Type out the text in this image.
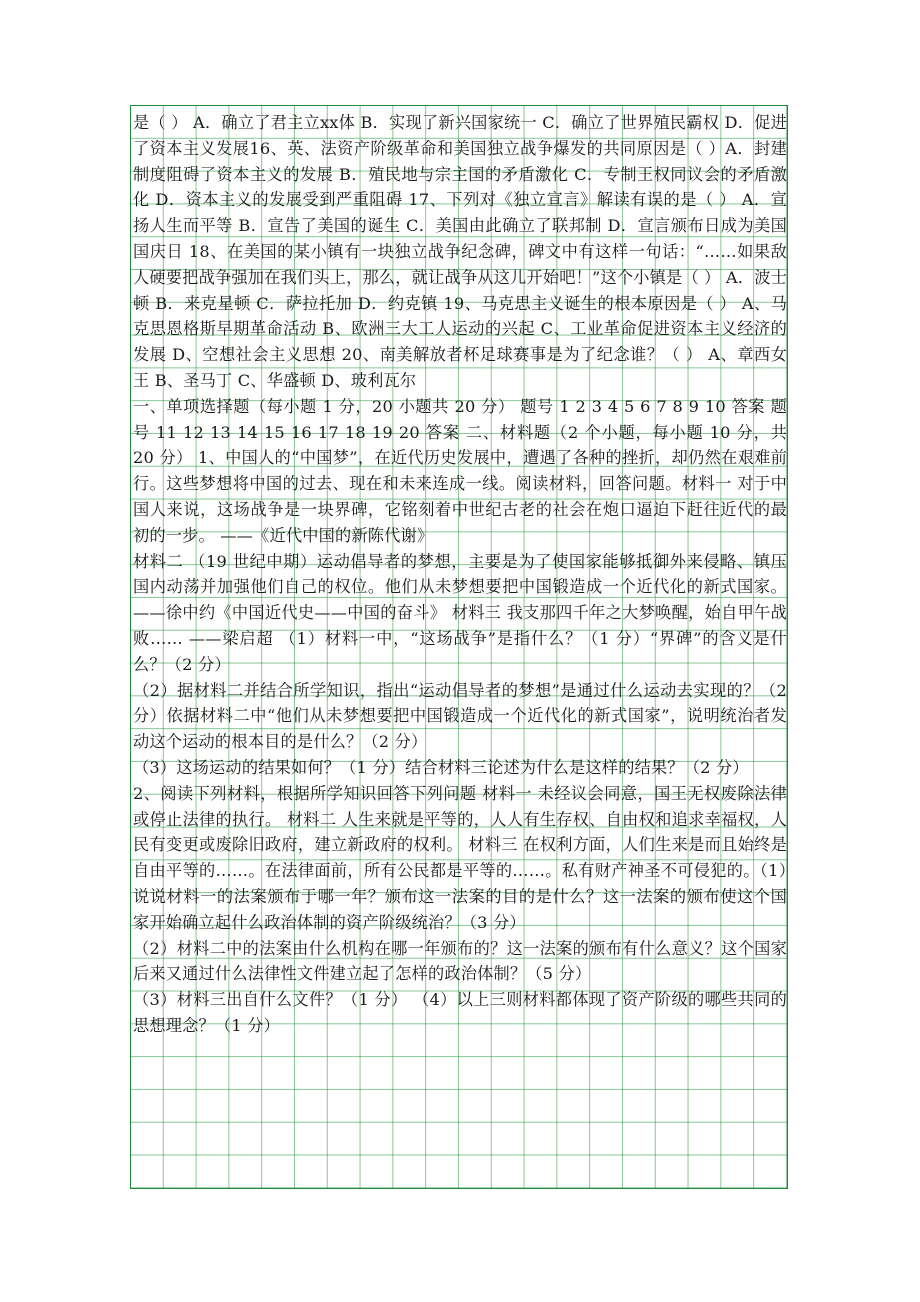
是（ ） A．确立了君主立xx体 B．实现了新兴国家统一 C．确立了世界殖民霸权 D．促进了资本主义发展16、英、法资产阶级革命和美国独立战争爆发的共同原因是（ ）A．封建制度阻碍了资本主义的发展 B．殖民地与宗主国的矛盾激化 C．专制王权同议会的矛盾激化 D．资本主义的发展受到严重阻碍 17、下列对《独立宣言》解读有误的是（ ） A．宣扬人生而平等 B．宣告了美国的诞生 C．美国由此确立了联邦制 D．宣言颁布日成为美国国庆日 18、在美国的某小镇有一块独立战争纪念碑，碑文中有这样一句话：“……如果敌人硬要把战争强加在我们头上，那么，就让战争从这儿开始吧！”这个小镇是（ ） A．波士顿 B．来克星顿 C．萨拉托加 D．约克镇 19、马克思主义诞生的根本原因是（ ） A、马克思恩格斯早期革命活动 B、欧洲三大工人运动的兴起 C、工业革命促进资本主义经济的发展 D、空想社会主义思想 20、南美解放者杯足球赛事是为了纪念谁？（ ） A、章西女王 B、圣马丁 C、华盛顿 D、玻利瓦尔

一、单项选择题（每小题 1 分，20 小题共 20 分） 题号 1 2 3 4 5 6 7 8 9 10 答案 题号 11 12 13 14 15 16 17 18 19 20 答案 二、材料题（2 个小题，每小题 10 分，共 20 分） 1、中国人的“中国梦”，在近代历史发展中，遭遇了各种的挫折，却仍然在艰难前行。这些梦想将中国的过去、现在和未来连成一线。阅读材料，回答问题。材料一 对于中国人来说，这场战争是一块界碑，它铭刻着中世纪古老的社会在炮口逼迫下赶往近代的最初的一步。 ——《近代中国的新陈代谢》

材料二 （19 世纪中期）运动倡导者的梦想，主要是为了使国家能够抵御外来侵略、镇压国内动荡并加强他们自己的权位。他们从未梦想要把中国锻造成一个近代化的新式国家。 ——徐中约《中国近代史——中国的奋斗》 材料三 我支那四千年之大梦唤醒，始自甲午战败…… ——梁启超 （1）材料一中，“这场战争”是指什么？（1 分）“界碑”的含义是什么？（2 分）

（2）据材料二并结合所学知识，指出“运动倡导者的梦想”是通过什么运动去实现的？（2 分）依据材料二中“他们从未梦想要把中国锻造成一个近代化的新式国家”，说明统治者发动这个运动的根本目的是什么？（2 分）

（3）这场运动的结果如何？（1 分）结合材料三论述为什么是这样的结果？（2 分）

2、阅读下列材料，根据所学知识回答下列问题 材料一 未经议会同意，国王无权废除法律或停止法律的执行。 材料二 人生来就是平等的，人人有生存权、自由权和追求幸福权，人民有变更或废除旧政府，建立新政府的权利。 材料三 在权利方面，人们生来是而且始终是自由平等的……。在法律面前，所有公民都是平等的……。私有财产神圣不可侵犯的。（1）说说材料一的法案颁布于哪一年？颁布这一法案的目的是什么？这一法案的颁布使这个国家开始确立起什么政治体制的资产阶级统治？（3 分）

（2）材料二中的法案由什么机构在哪一年颁布的？这一法案的颁布有什么意义？这个国家后来又通过什么法律性文件建立起了怎样的政治体制？（5 分）

（3）材料三出自什么文件？（1 分） （4）以上三则材料都体现了资产阶级的哪些共同的思想理念？（1 分）
